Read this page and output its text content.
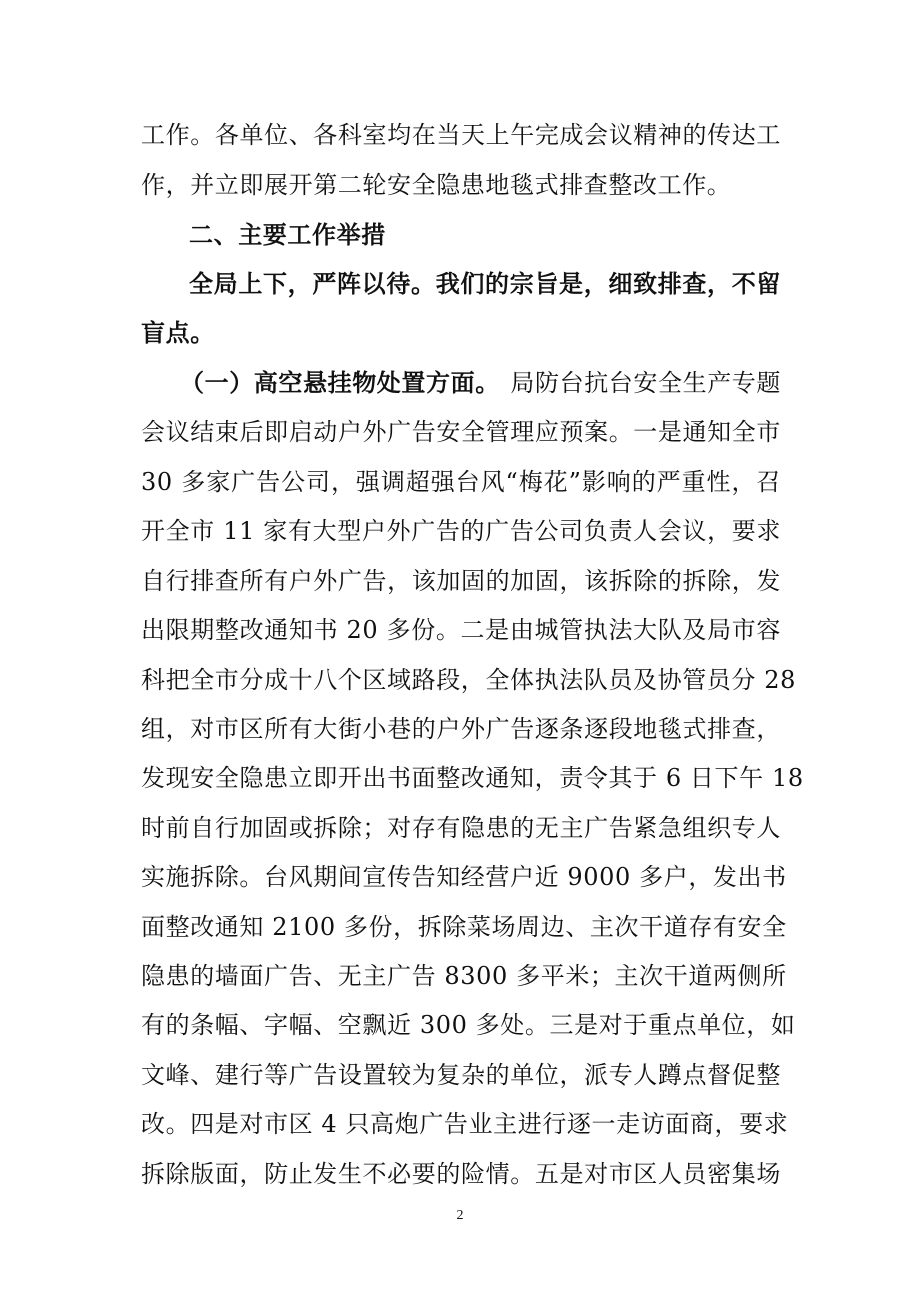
工作。各单位、各科室均在当天上午完成会议精神的传达工
作，并立即展开第二轮安全隐患地毯式排查整改工作。
二、主要工作举措
全局上下，严阵以待。我们的宗旨是，细致排查，不留
盲点。
（一）高空悬挂物处置方面。 局防台抗台安全生产专题
会议结束后即启动户外广告安全管理应预案。一是通知全市
30 多家广告公司，强调超强台风“梅花”影响的严重性，召
开全市 11 家有大型户外广告的广告公司负责人会议，要求
自行排查所有户外广告，该加固的加固，该拆除的拆除，发
出限期整改通知书 20 多份。二是由城管执法大队及局市容
科把全市分成十八个区域路段，全体执法队员及协管员分 28
组，对市区所有大街小巷的户外广告逐条逐段地毯式排查，
发现安全隐患立即开出书面整改通知，责令其于 6 日下午 18
时前自行加固或拆除；对存有隐患的无主广告紧急组织专人
实施拆除。台风期间宣传告知经营户近 9000 多户，发出书
面整改通知 2100 多份，拆除菜场周边、主次干道存有安全
隐患的墙面广告、无主广告 8300 多平米；主次干道两侧所
有的条幅、字幅、空飘近 300 多处。三是对于重点单位，如
文峰、建行等广告设置较为复杂的单位，派专人蹲点督促整
改。四是对市区 4 只高炮广告业主进行逐一走访面商，要求
拆除版面，防止发生不必要的险情。五是对市区人员密集场
2
